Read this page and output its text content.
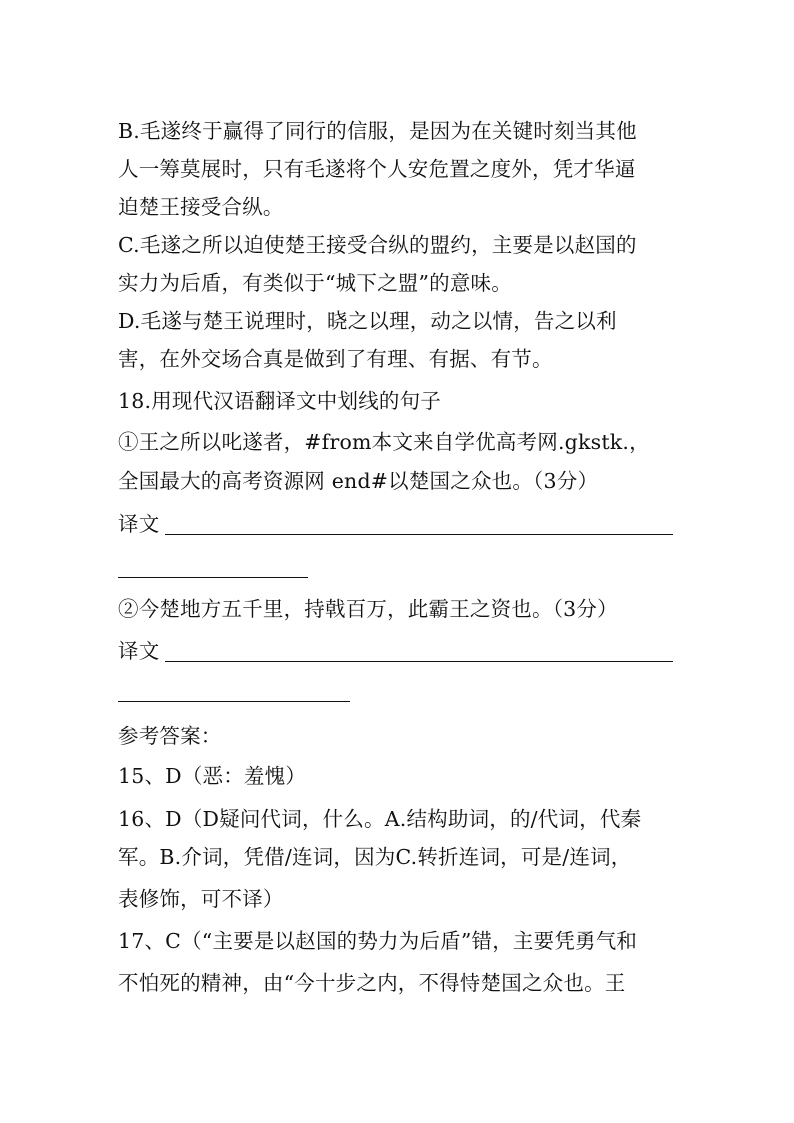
B.毛遂终于赢得了同行的信服，是因为在关键时刻当其他
人一筹莫展时，只有毛遂将个人安危置之度外，凭才华逼
迫楚王接受合纵。
C.毛遂之所以迫使楚王接受合纵的盟约，主要是以赵国的
实力为后盾，有类似于“城下之盟”的意味。
D.毛遂与楚王说理时，晓之以理，动之以情，告之以利
害，在外交场合真是做到了有理、有据、有节。
18.用现代汉语翻译文中划线的句子
①王之所以叱遂者，#from本文来自学优高考网.gkstk.，
全国最大的高考资源网 end#以楚国之众也。（3分）
译文
②今楚地方五千里，持戟百万，此霸王之资也。（3分）
译文
参考答案：
15、D（恶：羞愧）
16、D（D疑问代词，什么。A.结构助词，的/代词，代秦
军。B.介词，凭借/连词，因为C.转折连词，可是/连词，
表修饰，可不译）
17、C（“主要是以赵国的势力为后盾”错，主要凭勇气和
不怕死的精神，由“今十步之内，不得恃楚国之众也。王
